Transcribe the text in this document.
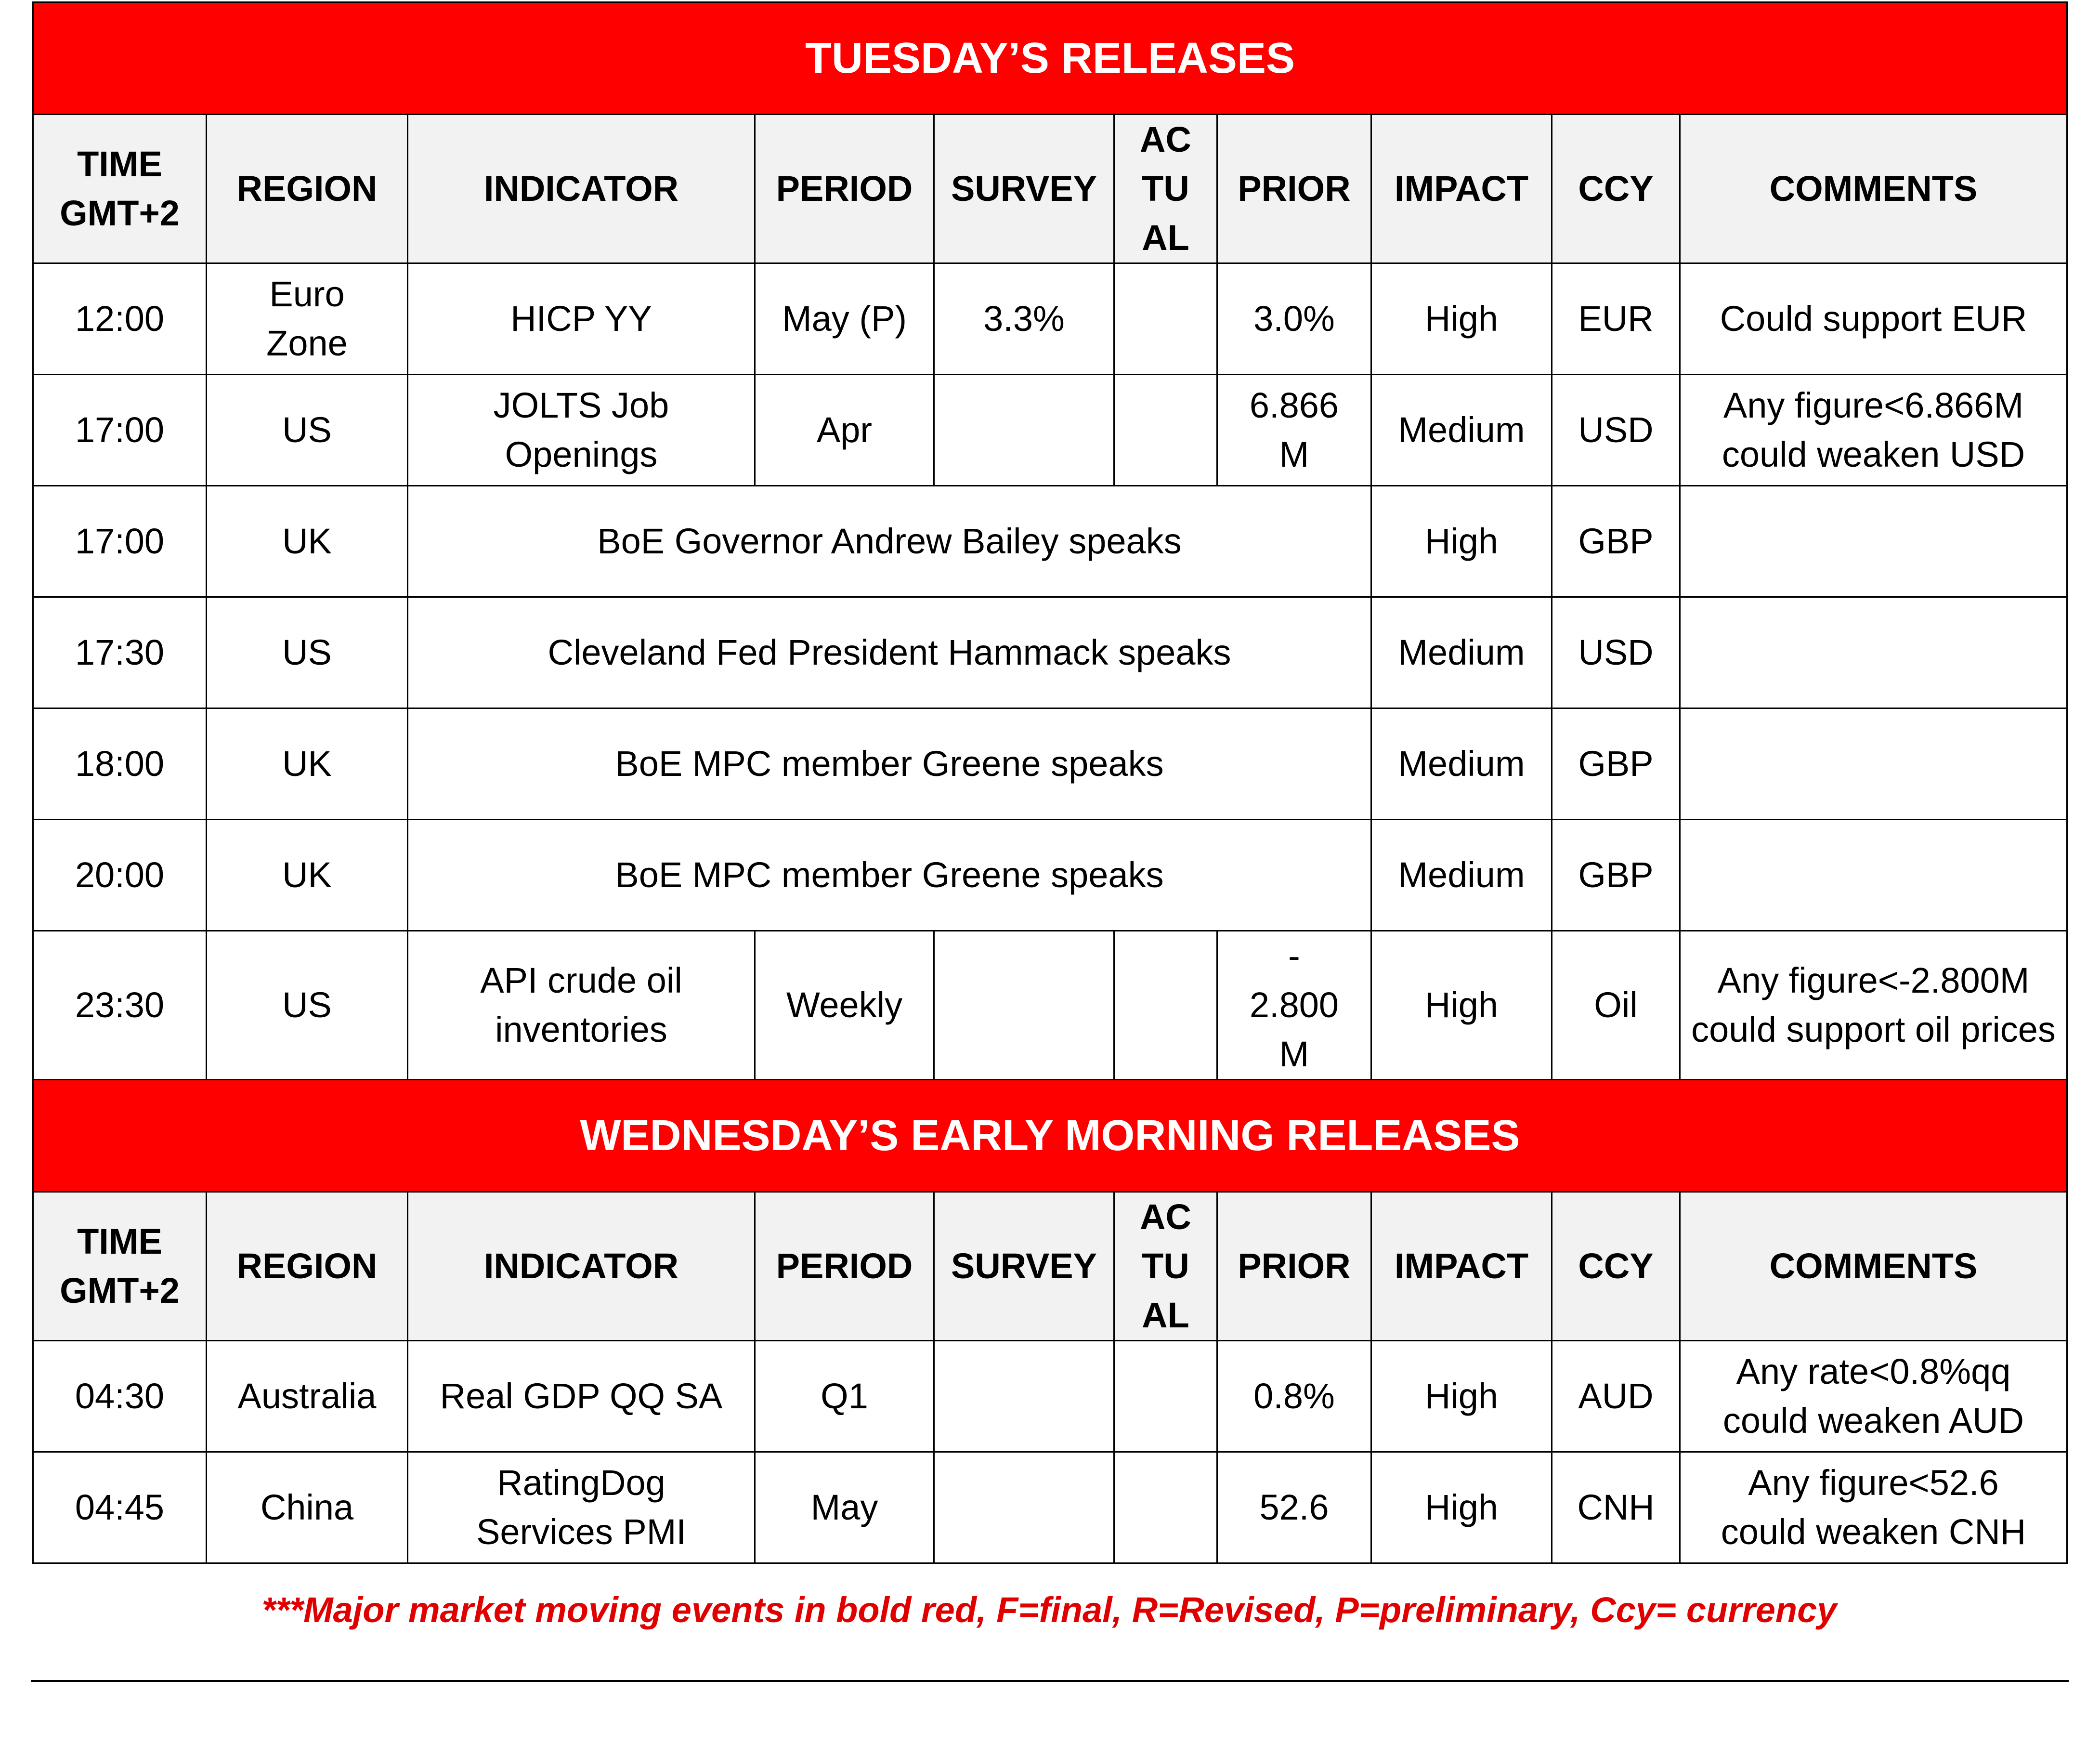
TUESDAY’S RELEASES									
TIME GMT+2	REGION	INDICATOR	PERIOD	SURVEY	AC TU AL	PRIOR	IMPACT	CCY	COMMENTS
12:00	Euro Zone	HICP YY	May (P)	3.3%		3.0%	High	EUR	Could support EUR
17:00	US	JOLTS Job Openings	Apr			6.866 M	Medium	USD	Any figure<6.866M could weaken USD
17:00	UK	BoE Governor Andrew Bailey speaks					High	GBP	
17:30	US	Cleveland Fed President Hammack speaks					Medium	USD	
18:00	UK	BoE MPC member Greene speaks					Medium	GBP	
20:00	UK	BoE MPC member Greene speaks					Medium	GBP	
23:30	US	API crude oil inventories	Weekly			- 2.800 M	High	Oil	Any figure<-2.800M could support oil prices
WEDNESDAY’S EARLY MORNING RELEASES									
TIME GMT+2	REGION	INDICATOR	PERIOD	SURVEY	AC TU AL	PRIOR	IMPACT	CCY	COMMENTS
04:30	Australia	Real GDP QQ SA	Q1			0.8%	High	AUD	Any rate<0.8%qq could weaken AUD
04:45	China	RatingDog Services PMI	May			52.6	High	CNH	Any figure<52.6 could weaken CNH
***Major market moving events in bold red, F=final, R=Revised, P=preliminary, Ccy= currency
